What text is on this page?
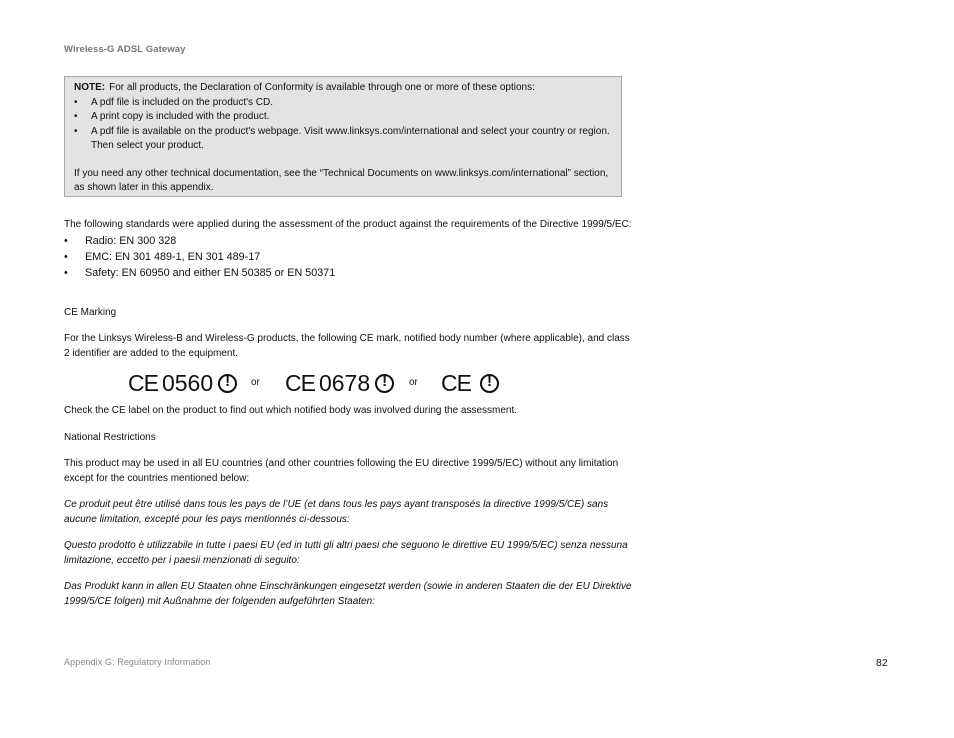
Wireless-G ADSL Gateway
NOTE: For all products, the Declaration of Conformity is available through one or more of these options:
• A pdf file is included on the product's CD.
• A print copy is included with the product.
• A pdf file is available on the product's webpage. Visit www.linksys.com/international and select your country or region. Then select your product.
If you need any other technical documentation, see the “Technical Documents on www.linksys.com/international” section, as shown later in this appendix.
The following standards were applied during the assessment of the product against the requirements of the Directive 1999/5/EC:
• Radio: EN 300 328
• EMC: EN 301 489-1, EN 301 489-17
• Safety: EN 60950 and either EN 50385 or EN 50371
CE Marking
For the Linksys Wireless-B and Wireless-G products, the following CE mark, notified body number (where applicable), and class 2 identifier are added to the equipment.
CE 0560 !	or CE 0678 !	or CE
!
Check the CE label on the product to find out which notified body was involved during the assessment.
National Restrictions
This product may be used in all EU countries (and other countries following the EU directive 1999/5/EC) without any limitation except for the countries mentioned below:
Ce produit peut être utilisé dans tous les pays de l’UE (et dans tous les pays ayant transposés la directive 1999/5/CE) sans aucune limitation, excepté pour les pays mentionnés ci-dessous:
Questo prodotto è utilizzabile in tutte i paesi EU (ed in tutti gli altri paesi che seguono le direttive EU 1999/5/EC) senza nessuna limitazione, eccetto per i paesii menzionati di seguito:
Das Produkt kann in allen EU Staaten ohne Einschränkungen eingesetzt werden (sowie in anderen Staaten die der EU Direktive 1999/5/CE folgen) mit Außnahme der folgenden aufgeführten Staaten:
Appendix G: Regulatory Information	82
